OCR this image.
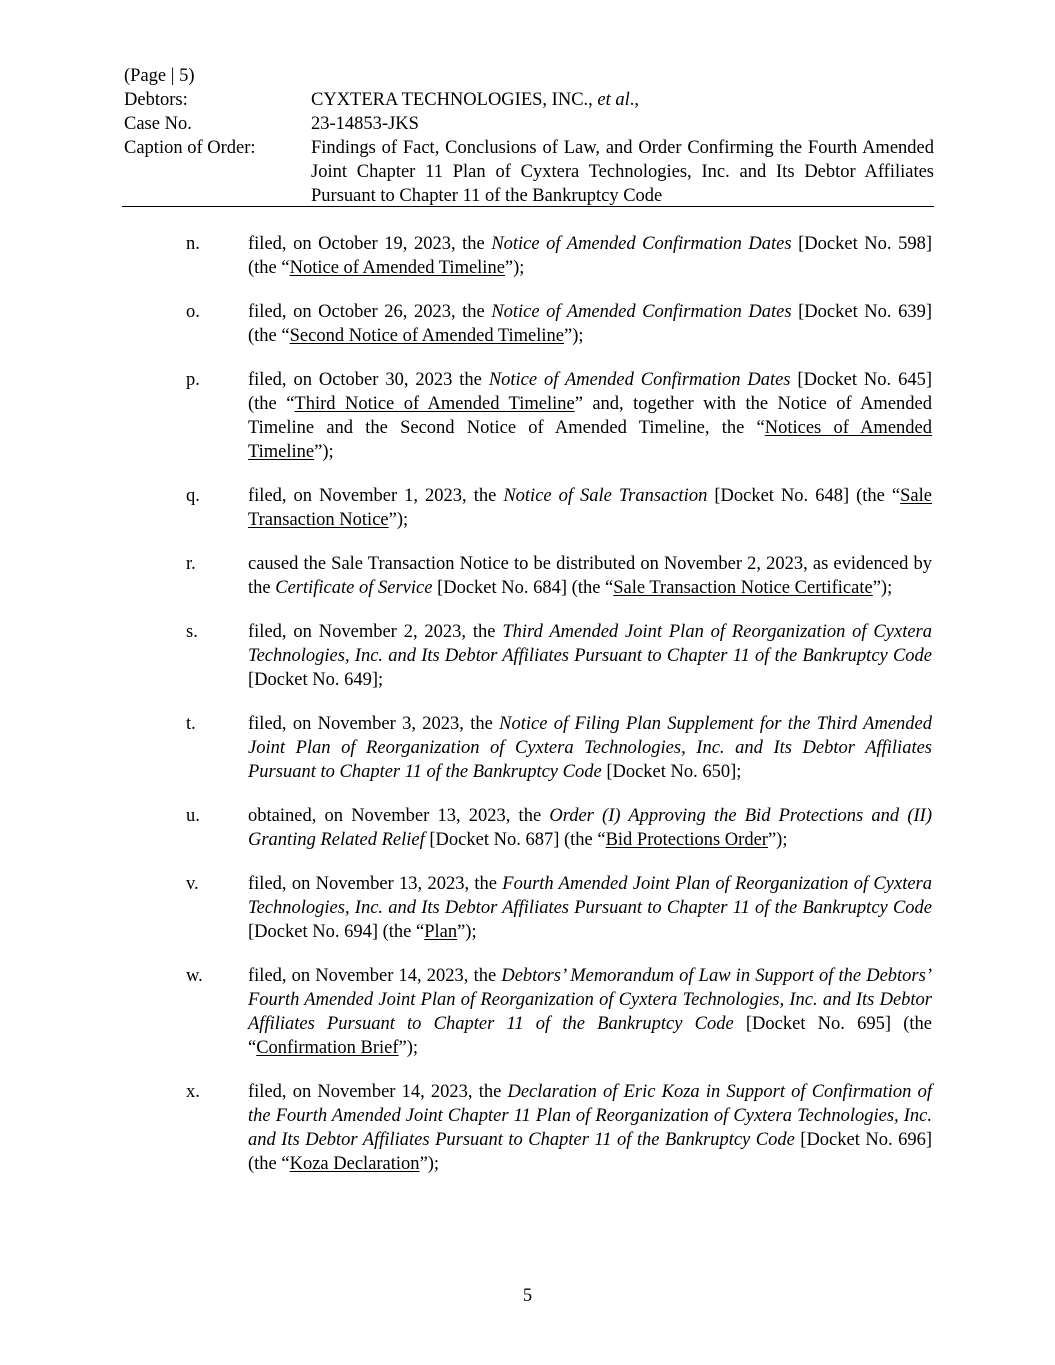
(Page | 5)
Debtors:	CYXTERA TECHNOLOGIES, INC., et al.,
Case No.	23-14853-JKS
Caption of Order:	Findings of Fact, Conclusions of Law, and Order Confirming the Fourth Amended Joint Chapter 11 Plan of Cyxtera Technologies, Inc. and Its Debtor Affiliates Pursuant to Chapter 11 of the Bankruptcy Code
n.	filed, on October 19, 2023, the Notice of Amended Confirmation Dates [Docket No. 598] (the “Notice of Amended Timeline”);
o.	filed, on October 26, 2023, the Notice of Amended Confirmation Dates [Docket No. 639] (the “Second Notice of Amended Timeline”);
p.	filed, on October 30, 2023 the Notice of Amended Confirmation Dates [Docket No. 645] (the “Third Notice of Amended Timeline” and, together with the Notice of Amended Timeline and the Second Notice of Amended Timeline, the “Notices of Amended Timeline”);
q.	filed, on November 1, 2023, the Notice of Sale Transaction [Docket No. 648] (the “Sale Transaction Notice”);
r.	caused the Sale Transaction Notice to be distributed on November 2, 2023, as evidenced by the Certificate of Service [Docket No. 684] (the “Sale Transaction Notice Certificate”);
s.	filed, on November 2, 2023, the Third Amended Joint Plan of Reorganization of Cyxtera Technologies, Inc. and Its Debtor Affiliates Pursuant to Chapter 11 of the Bankruptcy Code [Docket No. 649];
t.	filed, on November 3, 2023, the Notice of Filing Plan Supplement for the Third Amended Joint Plan of Reorganization of Cyxtera Technologies, Inc. and Its Debtor Affiliates Pursuant to Chapter 11 of the Bankruptcy Code [Docket No. 650];
u.	obtained, on November 13, 2023, the Order (I) Approving the Bid Protections and (II) Granting Related Relief [Docket No. 687] (the “Bid Protections Order”);
v.	filed, on November 13, 2023, the Fourth Amended Joint Plan of Reorganization of Cyxtera Technologies, Inc. and Its Debtor Affiliates Pursuant to Chapter 11 of the Bankruptcy Code [Docket No. 694] (the “Plan”);
w.	filed, on November 14, 2023, the Debtors’ Memorandum of Law in Support of the Debtors’ Fourth Amended Joint Plan of Reorganization of Cyxtera Technologies, Inc. and Its Debtor Affiliates Pursuant to Chapter 11 of the Bankruptcy Code [Docket No. 695] (the “Confirmation Brief”);
x.	filed, on November 14, 2023, the Declaration of Eric Koza in Support of Confirmation of the Fourth Amended Joint Chapter 11 Plan of Reorganization of Cyxtera Technologies, Inc. and Its Debtor Affiliates Pursuant to Chapter 11 of the Bankruptcy Code [Docket No. 696] (the “Koza Declaration”);
5
